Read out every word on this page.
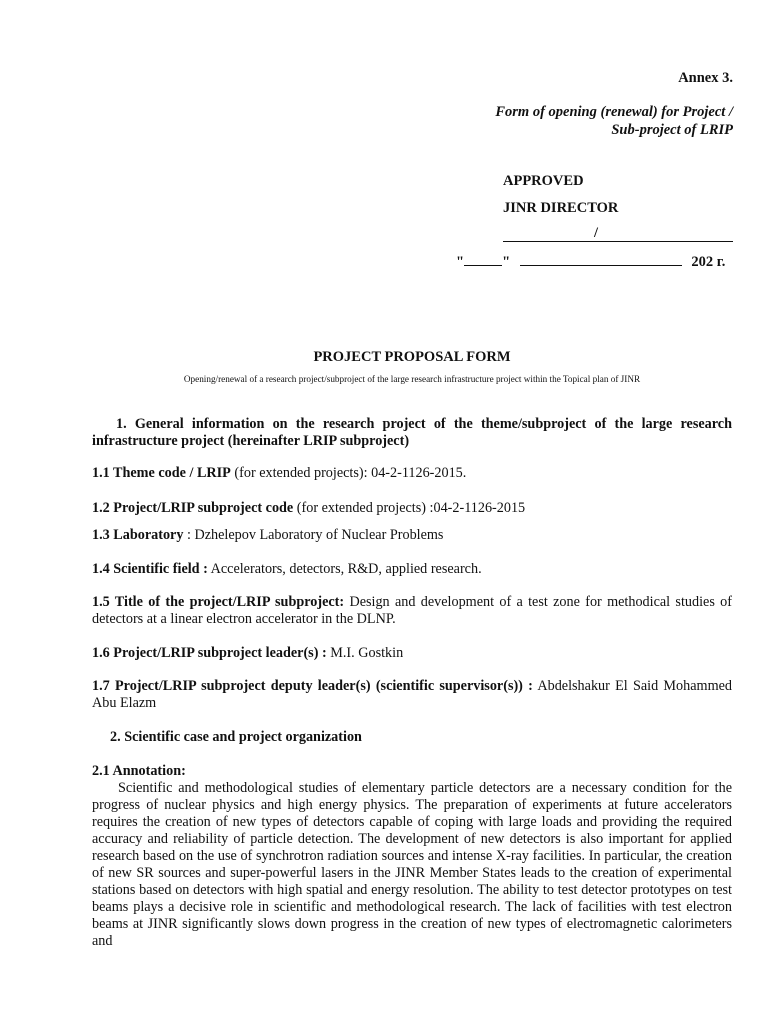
Annex 3.
Form of opening (renewal) for Project /
Sub-project of LRIP
APPROVED
JINR DIRECTOR
/
"	"	202 г.
PROJECT PROPOSAL FORM
Opening/renewal of a research project/subproject of the large research infrastructure project within the Topical plan of JINR
1. General information on the research project of the theme/subproject of the large research infrastructure project (hereinafter LRIP subproject)
1.1 Theme code / LRIP (for extended projects): 04-2-1126-2015.
1.2 Project/LRIP subproject code (for extended projects) :04-2-1126-2015
1.3 Laboratory : Dzhelepov Laboratory of Nuclear Problems
1.4 Scientific field : Accelerators, detectors, R&D, applied research.
1.5 Title of the project/LRIP subproject: Design and development of a test zone for methodical studies of detectors at a linear electron accelerator in the DLNP.
1.6 Project/LRIP subproject leader(s) : M.I. Gostkin
1.7 Project/LRIP subproject deputy leader(s) (scientific supervisor(s)) : Abdelshakur El Said Mohammed Abu Elazm
2. Scientific case and project organization
2.1 Annotation:
Scientific and methodological studies of elementary particle detectors are a necessary condition for the progress of nuclear physics and high energy physics. The preparation of experiments at future accelerators requires the creation of new types of detectors capable of coping with large loads and providing the required accuracy and reliability of particle detection. The development of new detectors is also important for applied research based on the use of synchrotron radiation sources and intense X-ray facilities. In particular, the creation of new SR sources and super-powerful lasers in the JINR Member States leads to the creation of experimental stations based on detectors with high spatial and energy resolution. The ability to test detector prototypes on test beams plays a decisive role in scientific and methodological research. The lack of facilities with test electron beams at JINR significantly slows down progress in the creation of new types of electromagnetic calorimeters and
